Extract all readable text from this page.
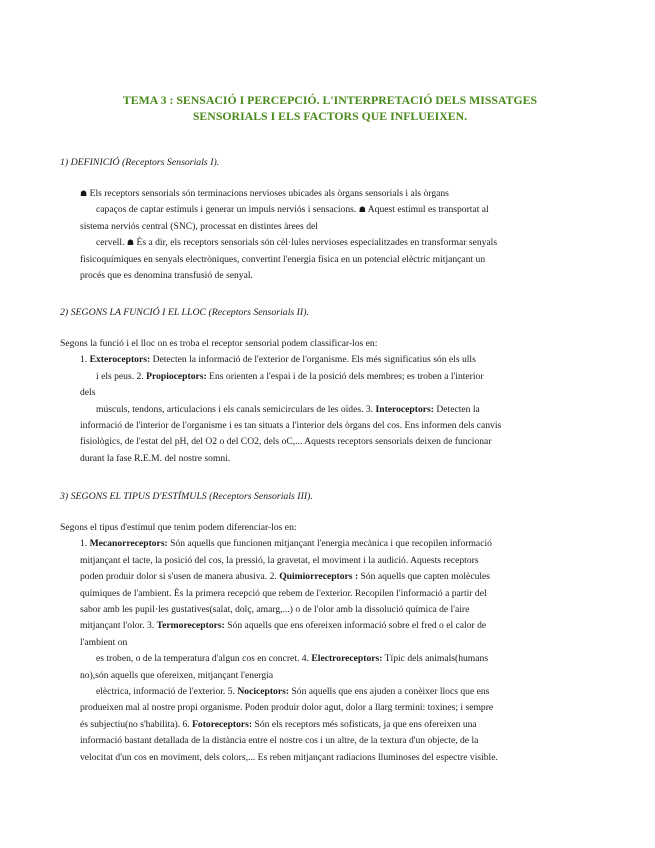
TEMA 3 : SENSACIÓ I PERCEPCIÓ. L'INTERPRETACIÓ DELS MISSATGES
SENSORIALS I ELS FACTORS QUE INFLUEIXEN.
1) DEFINICIÓ (Receptors Sensorials I).

☗ Els receptors sensorials són terminacions nervioses ubicades als òrgans sensorials i als òrgans

capaços de captar estímuls i generar un impuls nerviós i sensacions. ☗ Aquest estímul es transportat al

sistema nerviós central (SNC), processat en distintes àrees del

cervell. ☗ És a dir, els receptors sensorials són cèl·lules nervioses especialitzades en transformar senyals

fisicoquímiques en senyals electròniques, convertint l'energia física en un potencial elèctric mitjançant un

procés que es denomina transfusió de senyal.

2) SEGONS LA FUNCIÓ I EL LLOC (Receptors Sensorials II).

Segons la funció i el lloc on es troba el receptor sensorial podem classificar-los en:

1. Exteroceptors: Detecten la informació de l'exterior de l'organisme. Els més significatius són els ulls

i els peus. 2. Propioceptors: Ens orienten a l'espai i de la posició dels membres; es troben a l'interior

dels

músculs, tendons, articulacions i els canals semicirculars de les oïdes. 3. Interoceptors: Detecten la

informació de l'interior de l'organisme i es tan situats a l'interior dels òrgans del cos. Ens informen dels canvis

fisiològics, de l'estat del pH, del O2 o del CO2, dels oC,... Aquests receptors sensorials deixen de funcionar

durant la fase R.E.M. del nostre somni.

3) SEGONS EL TIPUS D'ESTÍMULS (Receptors Sensorials III).

Segons el tipus d'estímul que tenim podem diferenciar-los en:

1. Mecanorreceptors: Són aquells que funcionen mitjançant l'energia mecànica i que recopilen informació

mitjançant el tacte, la posició del cos, la pressió, la gravetat, el moviment i la audició. Aquests receptors

poden produir dolor si s'usen de manera abusiva. 2. Quimiorreceptors : Són aquells que capten molècules

químiques de l'ambient. És la primera recepció que rebem de l'exterior. Recopilen l'informació a partir del

sabor amb les pupil·les gustatives(salat, dolç, amarg,...) o de l'olor amb la dissolució química de l'aire

mitjançant l'olor. 3. Termoreceptors: Són aquells que ens ofereixen informació sobre el fred o el calor de

l'ambient on

es troben, o de la temperatura d'algun cos en concret. 4. Electroreceptors: Típic dels animals(humans

no),són aquells que ofereixen, mitjançant l'energia

elèctrica, informació de l'exterior. 5. Nociceptors: Són aquells que ens ajuden a conèixer llocs que ens

produeixen mal al nostre propi organisme. Poden produir dolor agut, dolor a llarg termini: toxines; i sempre

és subjectiu(no s'habilita). 6. Fotoreceptors: Són els receptors més sofisticats, ja que ens ofereixen una

informació bastant detallada de la distància entre el nostre cos i un altre, de la textura d'un objecte, de la

velocitat d'un cos en moviment, dels colors,... Es reben mitjançant radiacions lluminoses del espectre visible.
